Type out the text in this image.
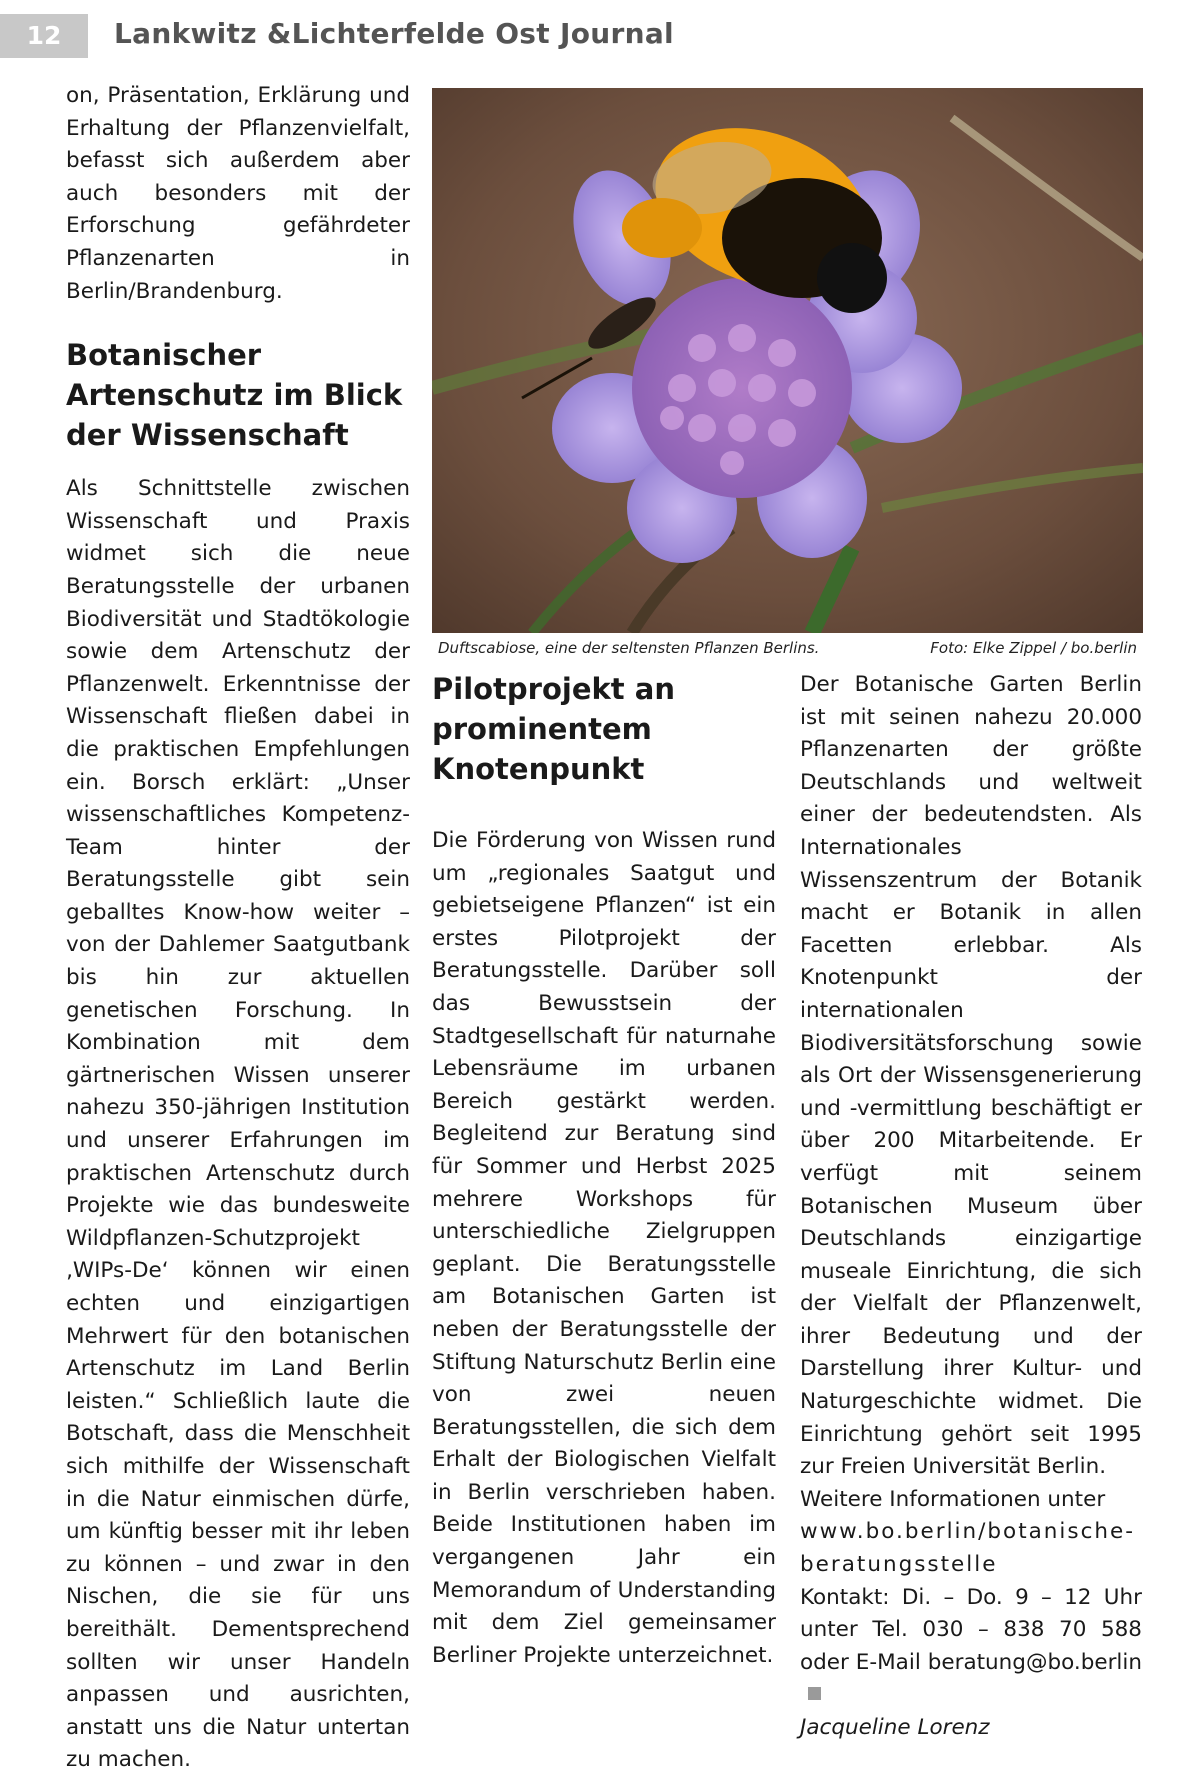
12	Lankwitz &Lichterfelde Ost Journal

on, Präsentation, Erklärung und Erhaltung der Pflanzenvielfalt, befasst sich außerdem aber auch besonders mit der Erforschung gefährdeter Pflanzenarten in Berlin/Brandenburg.

Botanischer Artenschutz im Blick der Wissenschaft

Als Schnittstelle zwischen Wissenschaft und Praxis widmet sich die neue Beratungsstelle der urbanen Biodiversität und Stadtökologie sowie dem Artenschutz der Pflanzenwelt. Erkenntnisse der Wissenschaft fließen dabei in die praktischen Empfehlungen ein. Borsch erklärt: „Unser wissenschaftliches Kompetenz-Team hinter der Beratungsstelle gibt sein geballtes Know-how weiter – von der Dahlemer Saatgutbank bis hin zur aktuellen genetischen Forschung. In Kombination mit dem gärtnerischen Wissen unserer nahezu 350-jährigen Institution und unserer Erfahrungen im praktischen Artenschutz durch Projekte wie das bundesweite Wildpflanzen-Schutzprojekt ‚WIPs-De‘ können wir einen echten und einzigartigen Mehrwert für den botanischen Artenschutz im Land Berlin leisten.“ Schließlich laute die Botschaft, dass die Menschheit sich mithilfe der Wissenschaft in die Natur einmischen dürfe, um künftig besser mit ihr leben zu können – und zwar in den Nischen, die sie für uns bereithält. Dementsprechend sollten wir unser Handeln anpassen und ausrichten, anstatt uns die Natur untertan zu machen.

Duftscabiose, eine der seltensten Pflanzen Berlins.	Foto: Elke Zippel / bo.berlin
Pilotprojekt an prominentem Knotenpunkt

Die Förderung von Wissen rund um „regionales Saatgut und gebietseigene Pflanzen“ ist ein erstes Pilotprojekt der Beratungsstelle. Darüber soll das Bewusstsein der Stadtgesellschaft für naturnahe Lebensräume im urbanen Bereich gestärkt werden. Begleitend zur Beratung sind für Sommer und Herbst 2025 mehrere Workshops für unterschiedliche Zielgruppen geplant. Die Beratungsstelle am Botanischen Garten ist neben der Beratungsstelle der Stiftung Naturschutz Berlin eine von zwei neuen Beratungsstellen, die sich dem Erhalt der Biologischen Vielfalt in Berlin verschrieben haben. Beide Institutionen haben im vergangenen Jahr ein Memorandum of Understanding mit dem Ziel gemeinsamer Berliner Projekte unterzeichnet.

Der Botanische Garten Berlin ist mit seinen nahezu 20.000 Pflanzenarten der größte Deutschlands und weltweit einer der bedeutendsten. Als Internationales Wissenszentrum der Botanik macht er Botanik in allen Facetten erlebbar. Als Knotenpunkt der internationalen Biodiversitätsforschung sowie als Ort der Wissensgenerierung und -vermittlung beschäftigt er über 200 Mitarbeitende. Er verfügt mit seinem Botanischen Museum über Deutschlands einzigartige museale Einrichtung, die sich der Vielfalt der Pflanzenwelt, ihrer Bedeutung und der Darstellung ihrer Kultur- und Naturgeschichte widmet. Die Einrichtung gehört seit 1995 zur Freien Universität Berlin.

Weitere Informationen unter

www.bo.berlin/botanische-beratungsstelle

Kontakt: Di. – Do. 9 – 12 Uhr unter Tel. 030 – 838 70 588 oder E-Mail beratung@bo.berlin

Jacqueline Lorenz
